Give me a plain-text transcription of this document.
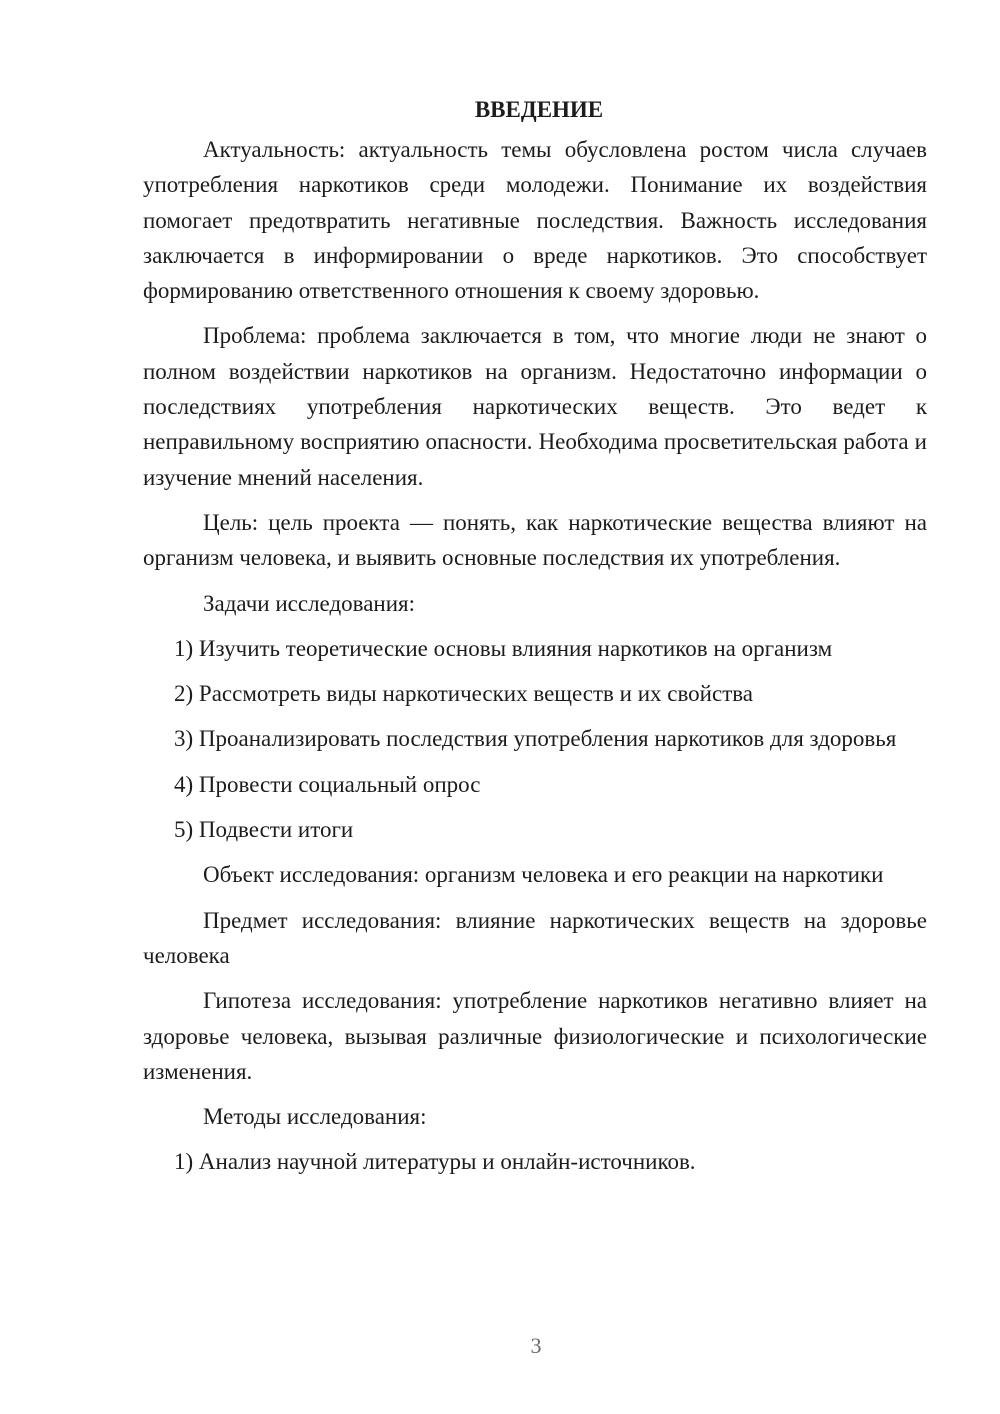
ВВЕДЕНИЕ

Актуальность: актуальность темы обусловлена ростом числа случаев употребления наркотиков среди молодежи. Понимание их воздействия помогает предотвратить негативные последствия. Важность исследования заключается в информировании о вреде наркотиков. Это способствует формированию ответственного отношения к своему здоровью.

Проблема: проблема заключается в том, что многие люди не знают о полном воздействии наркотиков на организм. Недостаточно информации о последствиях употребления наркотических веществ. Это ведет к неправильному восприятию опасности. Необходима просветительская работа и изучение мнений населения.

Цель: цель проекта — понять, как наркотические вещества влияют на организм человека, и выявить основные последствия их употребления.

Задачи исследования:

1) Изучить теоретические основы влияния наркотиков на организм

2) Рассмотреть виды наркотических веществ и их свойства

3) Проанализировать последствия употребления наркотиков для здоровья

4) Провести социальный опрос

5) Подвести итоги

Объект исследования: организм человека и его реакции на наркотики

Предмет исследования: влияние наркотических веществ на здоровье человека

Гипотеза исследования: употребление наркотиков негативно влияет на здоровье человека, вызывая различные физиологические и психологические изменения.

Методы исследования:

1) Анализ научной литературы и онлайн-источников.

3
